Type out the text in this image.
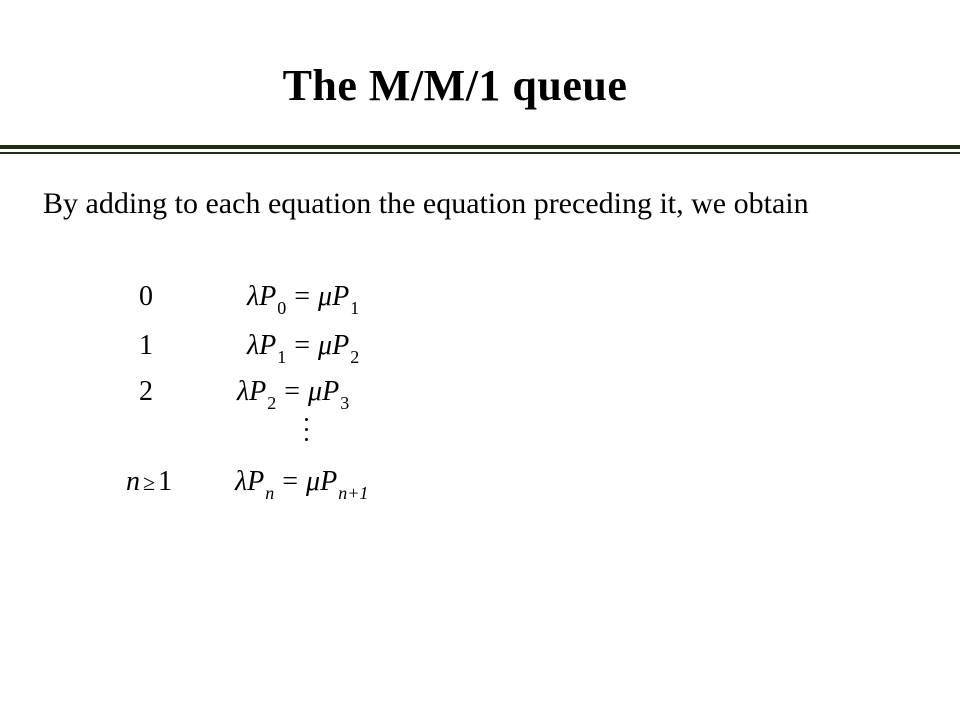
The M/M/1 queue
By adding to each equation the equation preceding it, we obtain
0	$\lambda P_0 = \mu P_1$
1	$\lambda P_1 = \mu P_2$
2	$\lambda P_2 = \mu P_3$
n ≥ 1 $\lambda P_n = \mu P_{n+1}$
